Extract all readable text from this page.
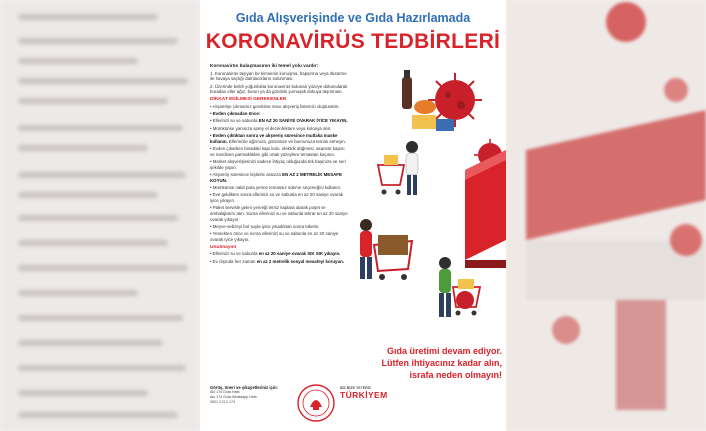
Gıda Alışverişinde ve Gıda Hazırlamada
KORONAVİRÜS TEDBİRLERİ
Koronavirüs bulaşmasının iki temel yolu vardır:

1. Koronavirüs taşıyan bir kimsenin konuşma, hapşırma veya öksürme ile havaya saçtığı damlacıkların solunması.

2. Üzerinde belirli yoğunlukta koronavirüs bulunan yüzeye dokunularak buradan eller ağız, burun ya da gözdeki yumuşak dokuya taşınması.

DİKKAT EDİLMESİ GEREKENLER

• Alışverişe çıkmamız gerekirse önce alışveriş listemizi oluşturalım.

• Evden çıkmadan önce:

• Ellerinizi su ve sabunla EN AZ 20 SANİYE OVARAK İYİCE YIKAYIN.

• Mümkünse yanınıza sprey el dezenfektanı veya kolonya alın.

• Evden çıktıktan sonra ve alışveriş süresince mutlaka maske kullanın. Ellerinizle ağzınıza, gözünüze ve burnunuza temas etmeyin.

• Evden çıkarken binadaki kapı kolu, elektrik düğmesi, asansör kapısı ve merdiven parmaklıkları gibi ortak yüzeylere temastan kaçının.

• Market alışverişlerinizi sadece ihtiyaç olduğunda tek başınıza ve seri şekilde yapın.

• Alışveriş süresince kişilerle aranıza EN AZ 2 METRELİK MESAFE KOYUN.

• Mümkünse nakit para yerine temassız ödeme seçeneğini kullanın.

• Eve geldikten sonra ellerinizi su ve sabunla en az 20 saniye ovarak iyice yıkayın.

• Paket servisle gelen yemeği temiz kaplara alarak poşet ve ambalajlarını atın. Sonra ellerinizi su ve sabunla tekrar en az 20 saniye ovarak yıkayın.

• Meyve-sebzeyi bol suyla iyice yıkadıktan sonra tüketin.

• Yemekten önce ve sonra ellerinizi su ve sabunla en az 20 saniye ovarak iyice yıkayın.

Unutmayın!

• Ellerinizi su ve sabunla en az 20 saniye ovarak SIK SIK yıkayın.

• Ev dışında her zaman en az 2 metrelik sosyal mesafeyi koruyun.

Gıda üretimi devam ediyor.
Lütfen ihtiyacınız kadar alın,
israfa neden olmayın!
Görüş, öneri ve şikayetleriniz için:
Alo 174 Gıda Hattı
Alo 174 Gıda Whatsapp Hattı
0501 174 0 174
BİZ BİZE YETERİZ
TÜRKİYEM
